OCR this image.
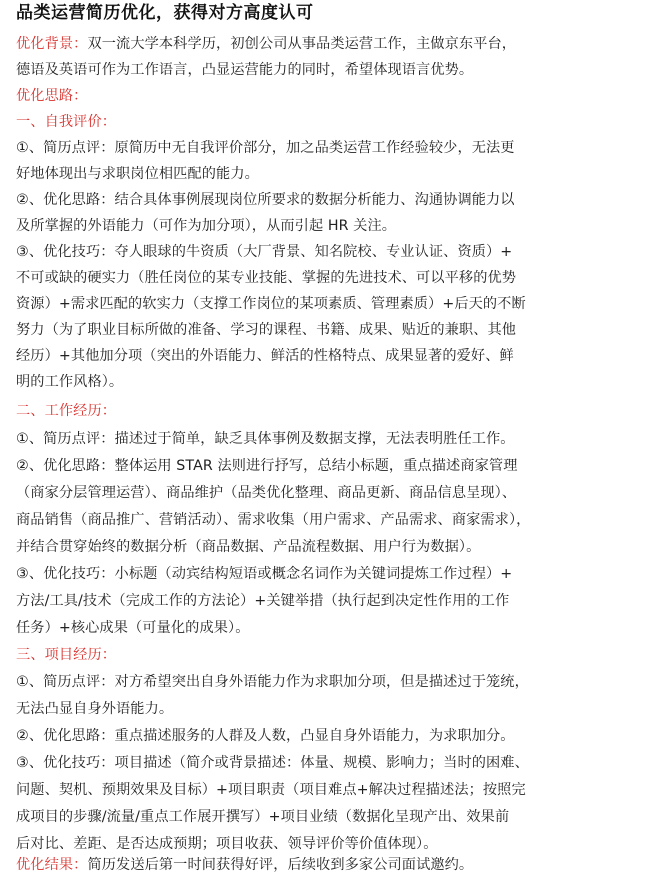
品类运营简历优化，获得对方高度认可
优化背景：双一流大学本科学历，初创公司从事品类运营工作，主做京东平台，
德语及英语可作为工作语言，凸显运营能力的同时，希望体现语言优势。
优化思路：
一、自我评价：
①、简历点评：原简历中无自我评价部分，加之品类运营工作经验较少，无法更
好地体现出与求职岗位相匹配的能力。
②、优化思路：结合具体事例展现岗位所要求的数据分析能力、沟通协调能力以
及所掌握的外语能力（可作为加分项），从而引起 HR 关注。
③、优化技巧：夺人眼球的牛资质（大厂背景、知名院校、专业认证、资质）+
不可或缺的硬实力（胜任岗位的某专业技能、掌握的先进技术、可以平移的优势
资源）+需求匹配的软实力（支撑工作岗位的某项素质、管理素质）+后天的不断
努力（为了职业目标所做的准备、学习的课程、书籍、成果、贴近的兼职、其他
经历）+其他加分项（突出的外语能力、鲜活的性格特点、成果显著的爱好、鲜
明的工作风格）。
二、工作经历：
①、简历点评：描述过于简单，缺乏具体事例及数据支撑，无法表明胜任工作。
②、优化思路：整体运用 STAR 法则进行抒写，总结小标题，重点描述商家管理
（商家分层管理运营）、商品维护（品类优化整理、商品更新、商品信息呈现）、
商品销售（商品推广、营销活动）、需求收集（用户需求、产品需求、商家需求），
并结合贯穿始终的数据分析（商品数据、产品流程数据、用户行为数据）。
③、优化技巧：小标题（动宾结构短语或概念名词作为关键词提炼工作过程）+
方法/工具/技术（完成工作的方法论）+关键举措（执行起到决定性作用的工作
任务）+核心成果（可量化的成果）。
三、项目经历：
①、简历点评：对方希望突出自身外语能力作为求职加分项，但是描述过于笼统，
无法凸显自身外语能力。
②、优化思路：重点描述服务的人群及人数，凸显自身外语能力，为求职加分。
③、优化技巧：项目描述（简介或背景描述：体量、规模、影响力；当时的困难、
问题、契机、预期效果及目标）+项目职责（项目难点+解决过程描述法；按照完
成项目的步骤/流量/重点工作展开撰写）+项目业绩（数据化呈现产出、效果前
后对比、差距、是否达成预期；项目收获、领导评价等价值体现）。
优化结果：简历发送后第一时间获得好评，后续收到多家公司面试邀约。
